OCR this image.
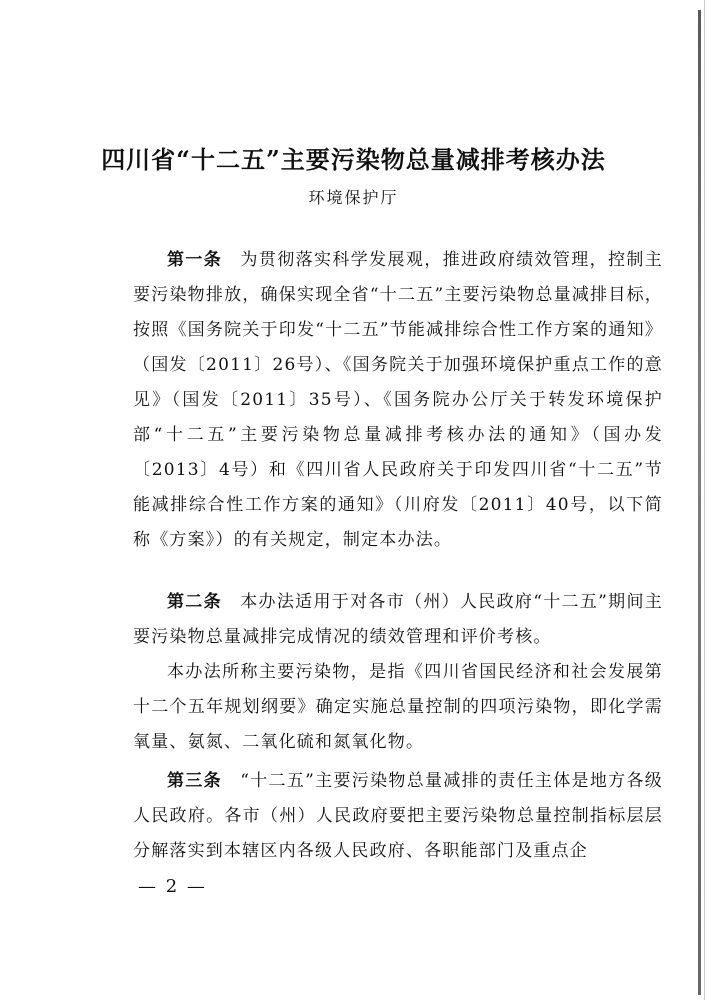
四川省“十二五”主要污染物总量减排考核办法
环境保护厅
第一条　为贯彻落实科学发展观，推进政府绩效管理，控制主要污染物排放，确保实现全省“十二五”主要污染物总量减排目标，按照《国务院关于印发“十二五”节能减排综合性工作方案的通知》（国发〔2011〕26号）、《国务院关于加强环境保护重点工作的意见》（国发〔2011〕35号）、《国务院办公厅关于转发环境保护部“十二五”主要污染物总量减排考核办法的通知》（国办发〔2013〕4号）和《四川省人民政府关于印发四川省“十二五”节能减排综合性工作方案的通知》（川府发〔2011〕40号，以下简称《方案》）的有关规定，制定本办法。
第二条　本办法适用于对各市（州）人民政府“十二五”期间主要污染物总量减排完成情况的绩效管理和评价考核。
本办法所称主要污染物，是指《四川省国民经济和社会发展第十二个五年规划纲要》确定实施总量控制的四项污染物，即化学需氧量、氨氮、二氧化硫和氮氧化物。
第三条　“十二五”主要污染物总量减排的责任主体是地方各级人民政府。各市（州）人民政府要把主要污染物总量控制指标层层分解落实到本辖区内各级人民政府、各职能部门及重点企
— 2 —
